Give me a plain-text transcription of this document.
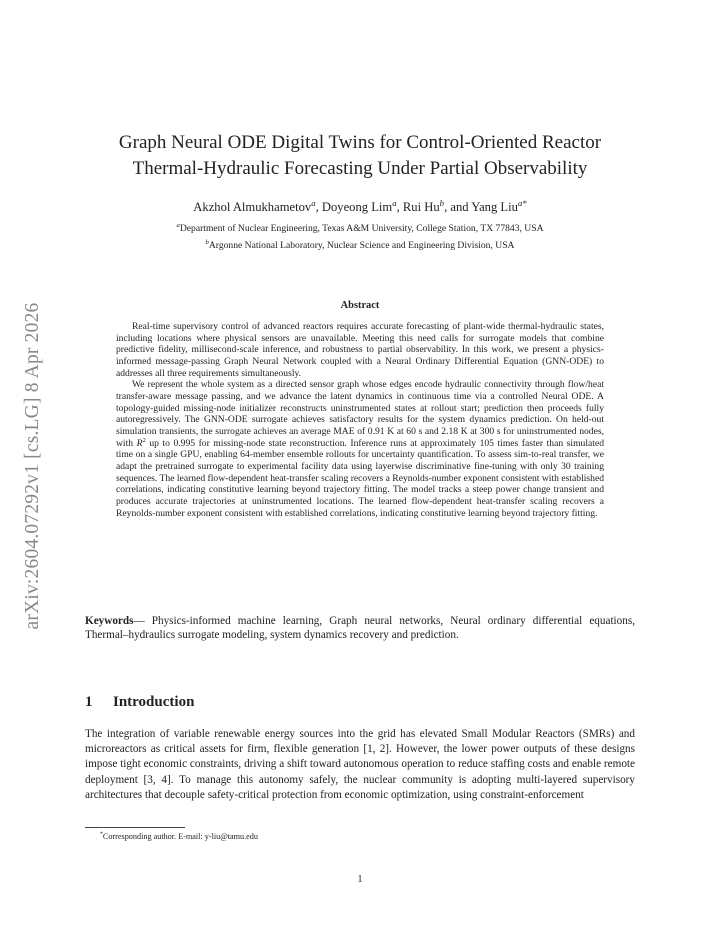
arXiv:2604.07292v1 [cs.LG] 8 Apr 2026
Graph Neural ODE Digital Twins for Control-Oriented Reactor
Thermal-Hydraulic Forecasting Under Partial Observability
Akzhol Almukhametov$^a$, Doyeong Lim$^a$, Rui Hu$^b$, and Yang Liu$^{a*}$
$^a$Department of Nuclear Engineering, Texas A&M University, College Station, TX 77843, USA
$^b$Argonne National Laboratory, Nuclear Science and Engineering Division, USA
Abstract

Real-time supervisory control of advanced reactors requires accurate forecasting of plant-wide thermal-hydraulic states, including locations where physical sensors are unavailable. Meeting this need calls for surrogate models that combine predictive fidelity, millisecond-scale inference, and robustness to partial observability. In this work, we present a physics-informed message-passing Graph Neural Network coupled with a Neural Ordinary Differential Equation (GNN-ODE) to addresses all three requirements simultaneously.

We represent the whole system as a directed sensor graph whose edges encode hydraulic connectivity through flow/heat transfer-aware message passing, and we advance the latent dynamics in continuous time via a controlled Neural ODE. A topology-guided missing-node initializer reconstructs uninstrumented states at rollout start; prediction then proceeds fully autoregressively. The GNN-ODE surrogate achieves satisfactory results for the system dynamics prediction. On held-out simulation transients, the surrogate achieves an average MAE of 0.91 K at 60 s and 2.18 K at 300 s for uninstrumented nodes, with $R^2$ up to 0.995 for missing-node state reconstruction. Inference runs at approximately 105 times faster than simulated time on a single GPU, enabling 64-member ensemble rollouts for uncertainty quantification. To assess sim-to-real transfer, we adapt the pretrained surrogate to experimental facility data using layerwise discriminative fine-tuning with only 30 training sequences. The learned flow-dependent heat-transfer scaling recovers a Reynolds-number exponent consistent with established correlations, indicating constitutive learning beyond trajectory fitting. The model tracks a steep power change transient and produces accurate trajectories at uninstrumented locations. The learned flow-dependent heat-transfer scaling recovers a Reynolds-number exponent consistent with established correlations, indicating constitutive learning beyond trajectory fitting.

Keywords— Physics-informed machine learning, Graph neural networks, Neural ordinary differential equations, Thermal–hydraulics surrogate modeling, system dynamics recovery and prediction.
1 Introduction

The integration of variable renewable energy sources into the grid has elevated Small Modular Reactors (SMRs) and microreactors as critical assets for firm, flexible generation [1, 2]. However, the lower power outputs of these designs impose tight economic constraints, driving a shift toward autonomous operation to reduce staffing costs and enable remote deployment [3, 4]. To manage this autonomy safely, the nuclear community is adopting multi-layered supervisory architectures that decouple safety-critical protection from economic optimization, using constraint-enforcement

*Corresponding author. E-mail: y-liu@tamu.edu
1
